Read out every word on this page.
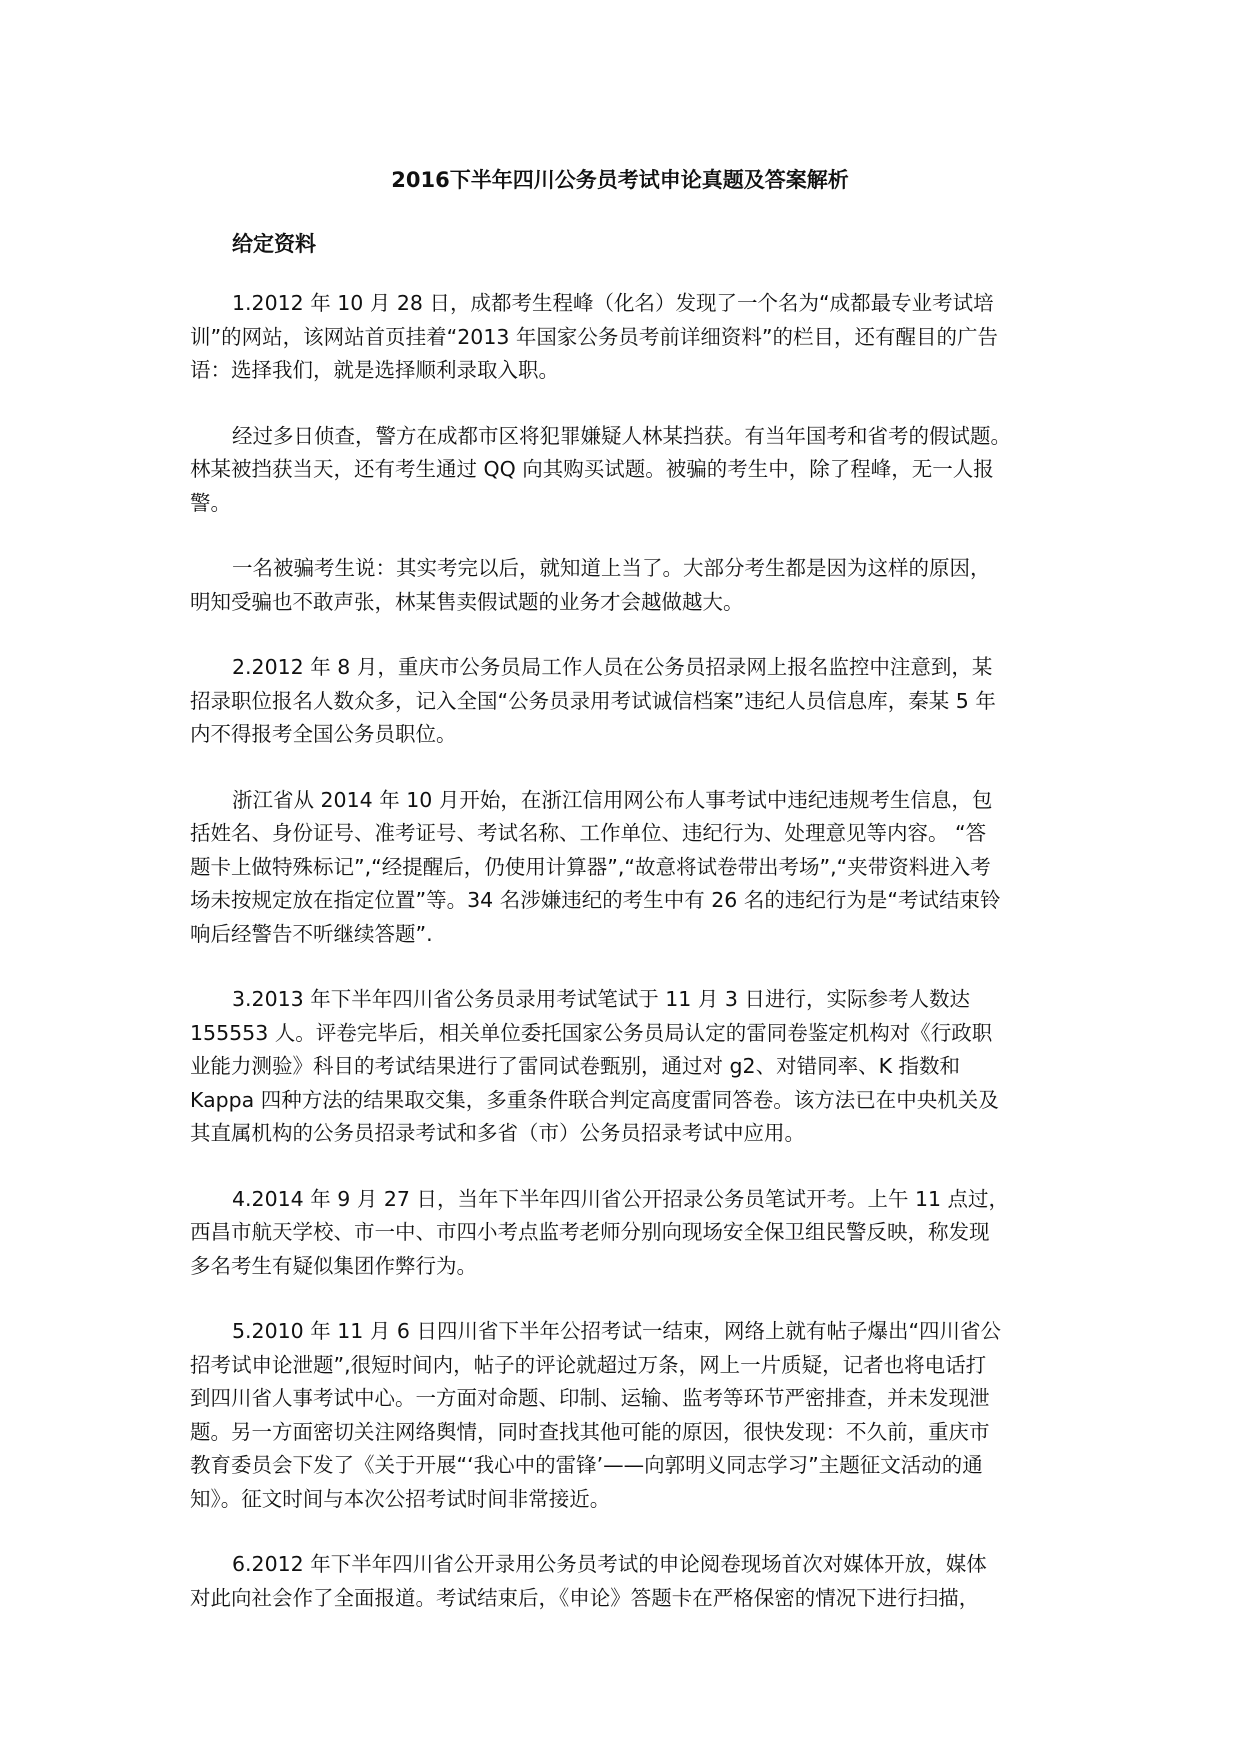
2016下半年四川公务员考试申论真题及答案解析
给定资料

1.2012 年 10 月 28 日，成都考生程峰（化名）发现了一个名为“成都最专业考试培
训”的网站，该网站首页挂着“2013 年国家公务员考前详细资料”的栏目，还有醒目的广告
语：选择我们，就是选择顺利录取入职。

经过多日侦查，警方在成都市区将犯罪嫌疑人林某挡获。有当年国考和省考的假试题。
林某被挡获当天，还有考生通过 QQ 向其购买试题。被骗的考生中，除了程峰，无一人报
警。

一名被骗考生说：其实考完以后，就知道上当了。大部分考生都是因为这样的原因，
明知受骗也不敢声张，林某售卖假试题的业务才会越做越大。

2.2012 年 8 月，重庆市公务员局工作人员在公务员招录网上报名监控中注意到，某
招录职位报名人数众多，记入全国“公务员录用考试诚信档案”违纪人员信息库，秦某 5 年
内不得报考全国公务员职位。

浙江省从 2014 年 10 月开始，在浙江信用网公布人事考试中违纪违规考生信息，包
括姓名、身份证号、准考证号、考试名称、工作单位、违纪行为、处理意见等内容。 “答
题卡上做特殊标记”,“经提醒后，仍使用计算器”,“故意将试卷带出考场”,“夹带资料进入考
场未按规定放在指定位置”等。34 名涉嫌违纪的考生中有 26 名的违纪行为是“考试结束铃
响后经警告不听继续答题”.

3.2013 年下半年四川省公务员录用考试笔试于 11 月 3 日进行，实际参考人数达
155553 人。评卷完毕后，相关单位委托国家公务员局认定的雷同卷鉴定机构对《行政职
业能力测验》科目的考试结果进行了雷同试卷甄别，通过对 g2、对错同率、K 指数和
Kappa 四种方法的结果取交集，多重条件联合判定高度雷同答卷。该方法已在中央机关及
其直属机构的公务员招录考试和多省（市）公务员招录考试中应用。

4.2014 年 9 月 27 日，当年下半年四川省公开招录公务员笔试开考。上午 11 点过，
西昌市航天学校、市一中、市四小考点监考老师分别向现场安全保卫组民警反映，称发现
多名考生有疑似集团作弊行为。

5.2010 年 11 月 6 日四川省下半年公招考试一结束，网络上就有帖子爆出“四川省公
招考试申论泄题”,很短时间内，帖子的评论就超过万条，网上一片质疑，记者也将电话打
到四川省人事考试中心。一方面对命题、印制、运输、监考等环节严密排查，并未发现泄
题。另一方面密切关注网络舆情，同时查找其他可能的原因，很快发现：不久前，重庆市
教育委员会下发了《关于开展“‘我心中的雷锋’——向郭明义同志学习”主题征文活动的通
知》。征文时间与本次公招考试时间非常接近。

6.2012 年下半年四川省公开录用公务员考试的申论阅卷现场首次对媒体开放，媒体
对此向社会作了全面报道。考试结束后，《申论》答题卡在严格保密的情况下进行扫描，
